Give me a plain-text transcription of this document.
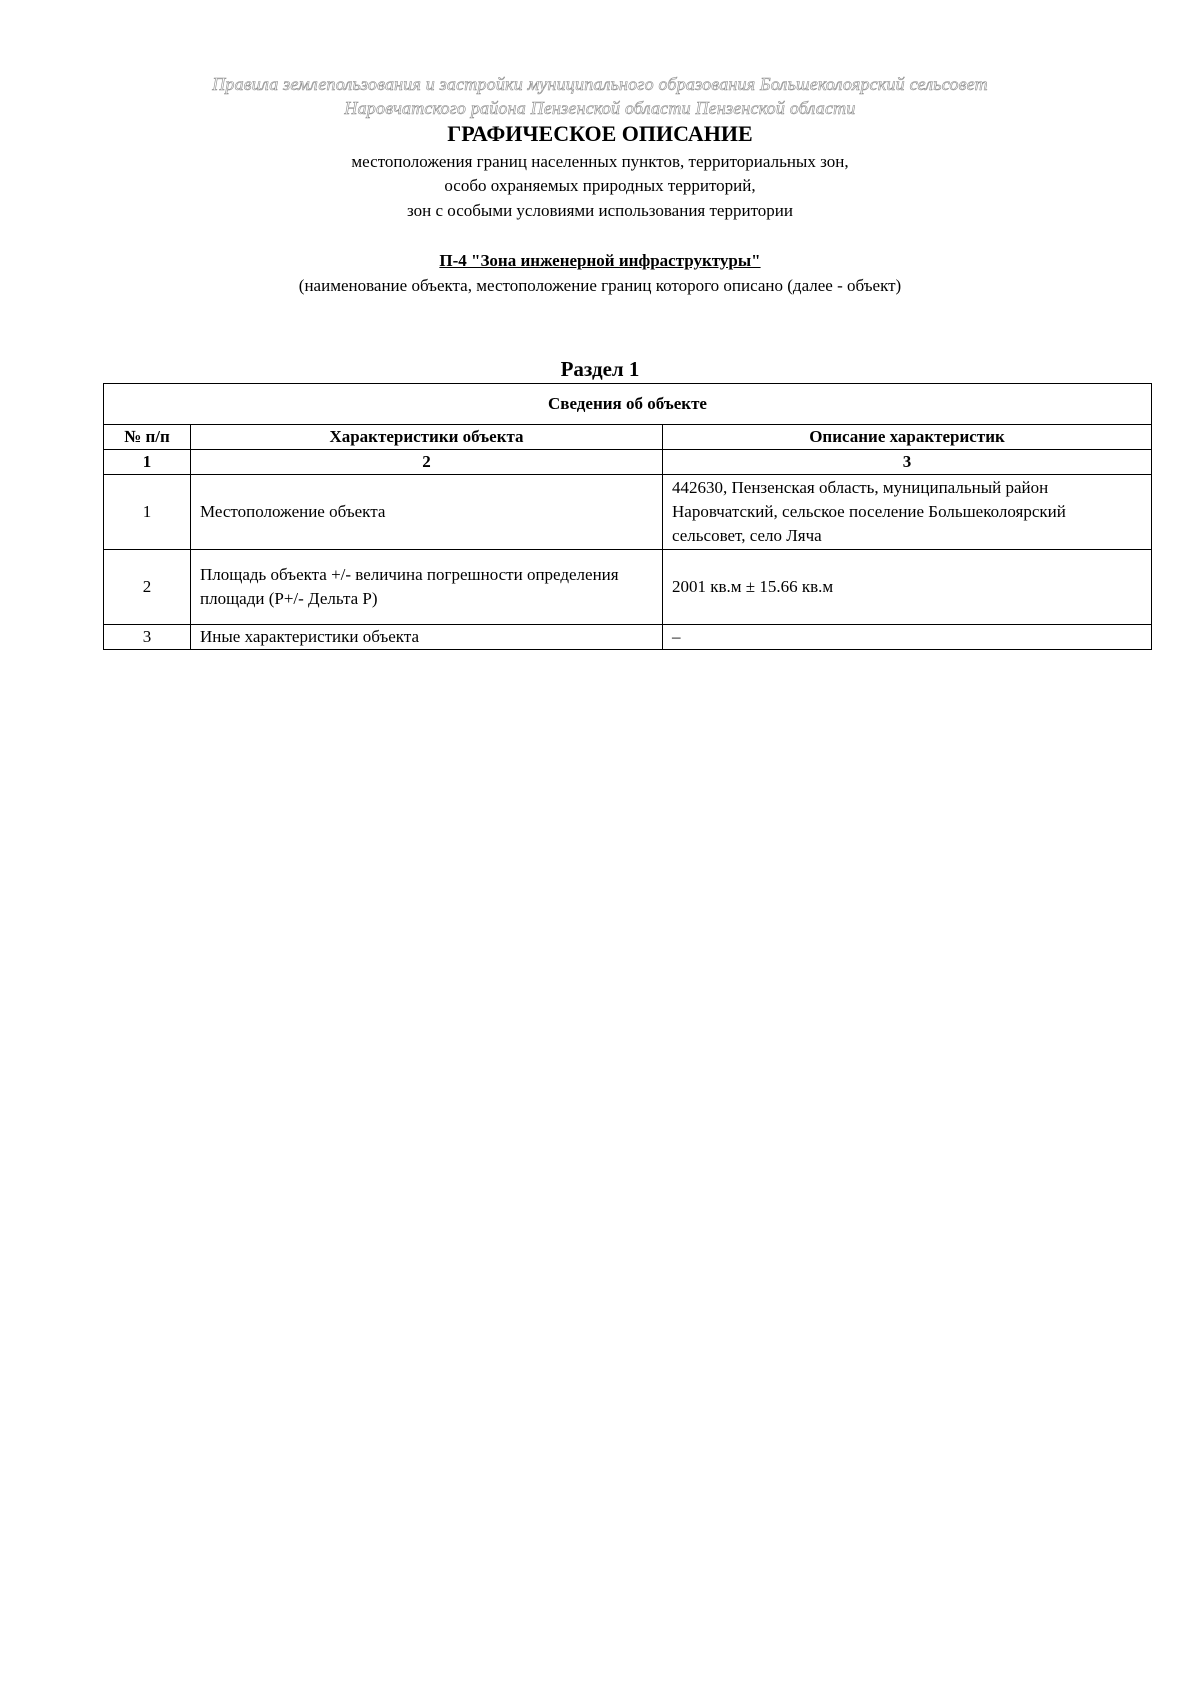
Правила землепользования и застройки муниципального образования Большеколоярский сельсовет
Наровчатского района Пензенской области Пензенской области
ГРАФИЧЕСКОЕ ОПИСАНИЕ
местоположения границ населенных пунктов, территориальных зон,
особо охраняемых природных территорий,
зон с особыми условиями использования территории
П-4 "Зона инженерной инфраструктуры"
(наименование объекта, местоположение границ которого описано (далее - объект)
Раздел 1
Сведения об объекте		
№ п/п	Характеристики объекта	Описание характеристик
1	2	3
1	Местоположение объекта	442630, Пензенская область, муниципальный район Наровчатский, сельское поселение Большеколоярский сельсовет, село Ляча
2	Площадь объекта +/- величина погрешности определения площади (Р+/- Дельта Р)	2001 кв.м ± 15.66 кв.м
3	Иные характеристики объекта	–
